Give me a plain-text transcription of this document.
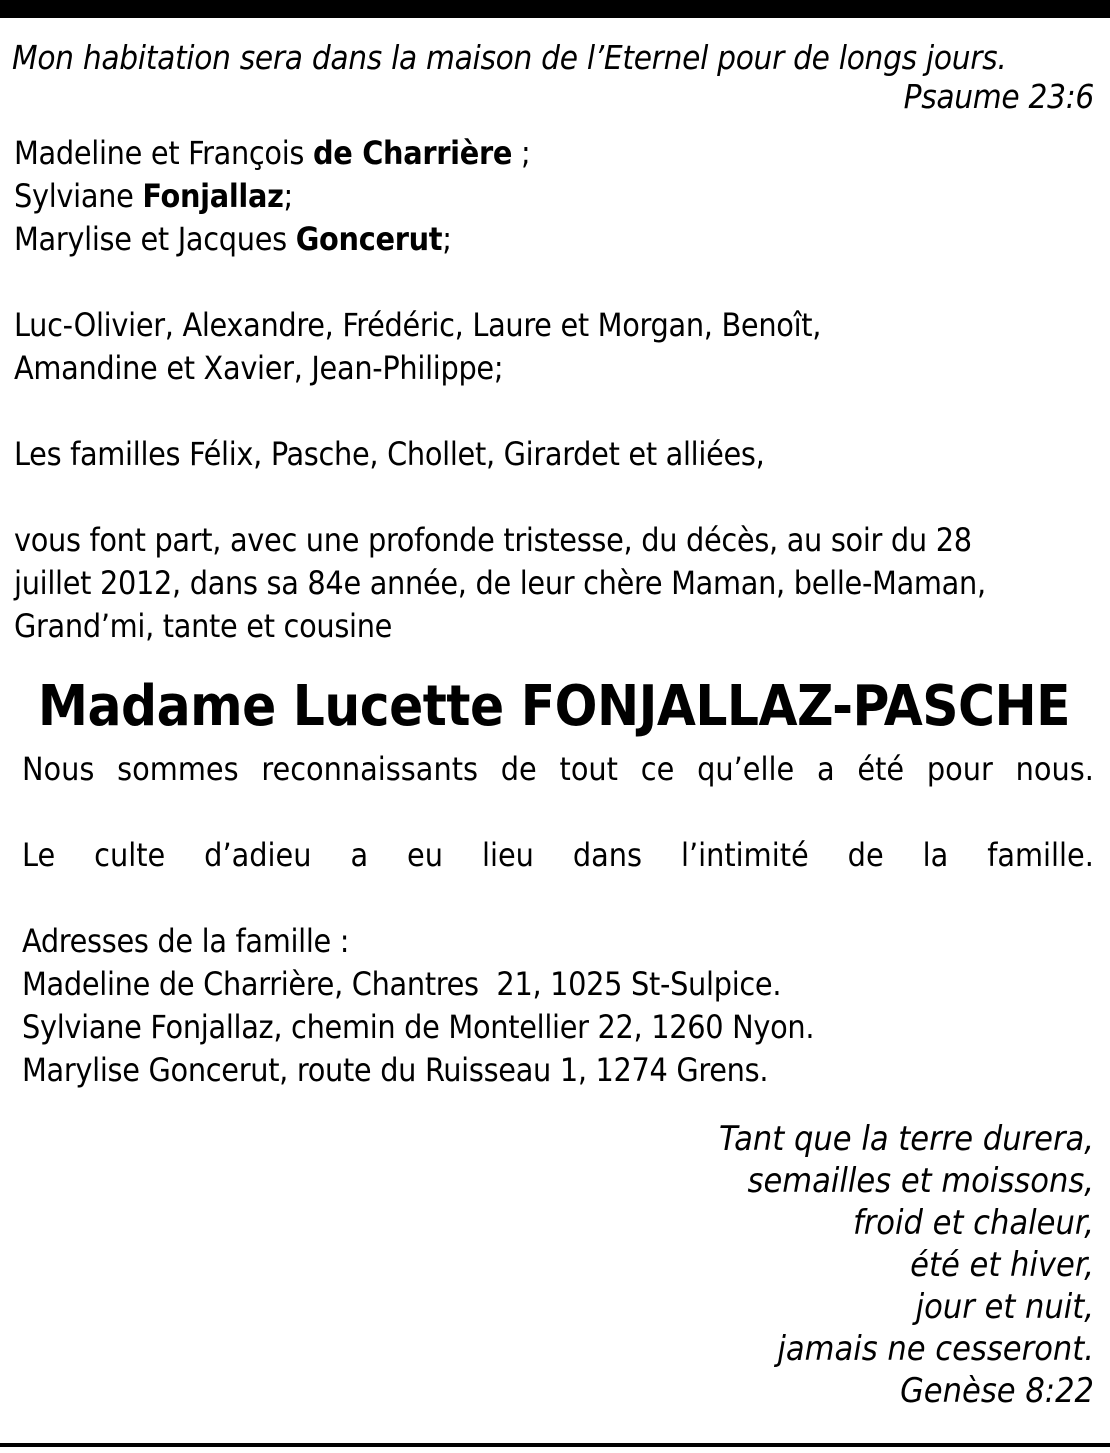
Mon habitation sera dans la maison de l’Eternel pour de longs jours.
Psaume 23:6
Madeline et François de Charrière ;
Sylviane Fonjallaz;
Marylise et Jacques Goncerut;
Luc-Olivier, Alexandre, Frédéric, Laure et Morgan, Benoît,
Amandine et Xavier, Jean-Philippe;
Les familles Félix, Pasche, Chollet, Girardet et alliées,
vous font part, avec une profonde tristesse, du décès, au soir du 28
juillet 2012, dans sa 84e année, de leur chère Maman, belle-Maman,
Grand’mi, tante et cousine
Madame Lucette FONJALLAZ-PASCHE
Nous sommes reconnaissants de tout ce qu’elle a été pour nous.
Le culte d’adieu a eu lieu dans l’intimité de la famille.
Adresses de la famille :
Madeline de Charrière, Chantres  21, 1025 St-Sulpice.
Sylviane Fonjallaz, chemin de Montellier 22, 1260 Nyon.
Marylise Goncerut, route du Ruisseau 1, 1274 Grens.
Tant que la terre durera,
semailles et moissons,
froid et chaleur,
été et hiver,
jour et nuit,
jamais ne cesseront.
Genèse 8:22
